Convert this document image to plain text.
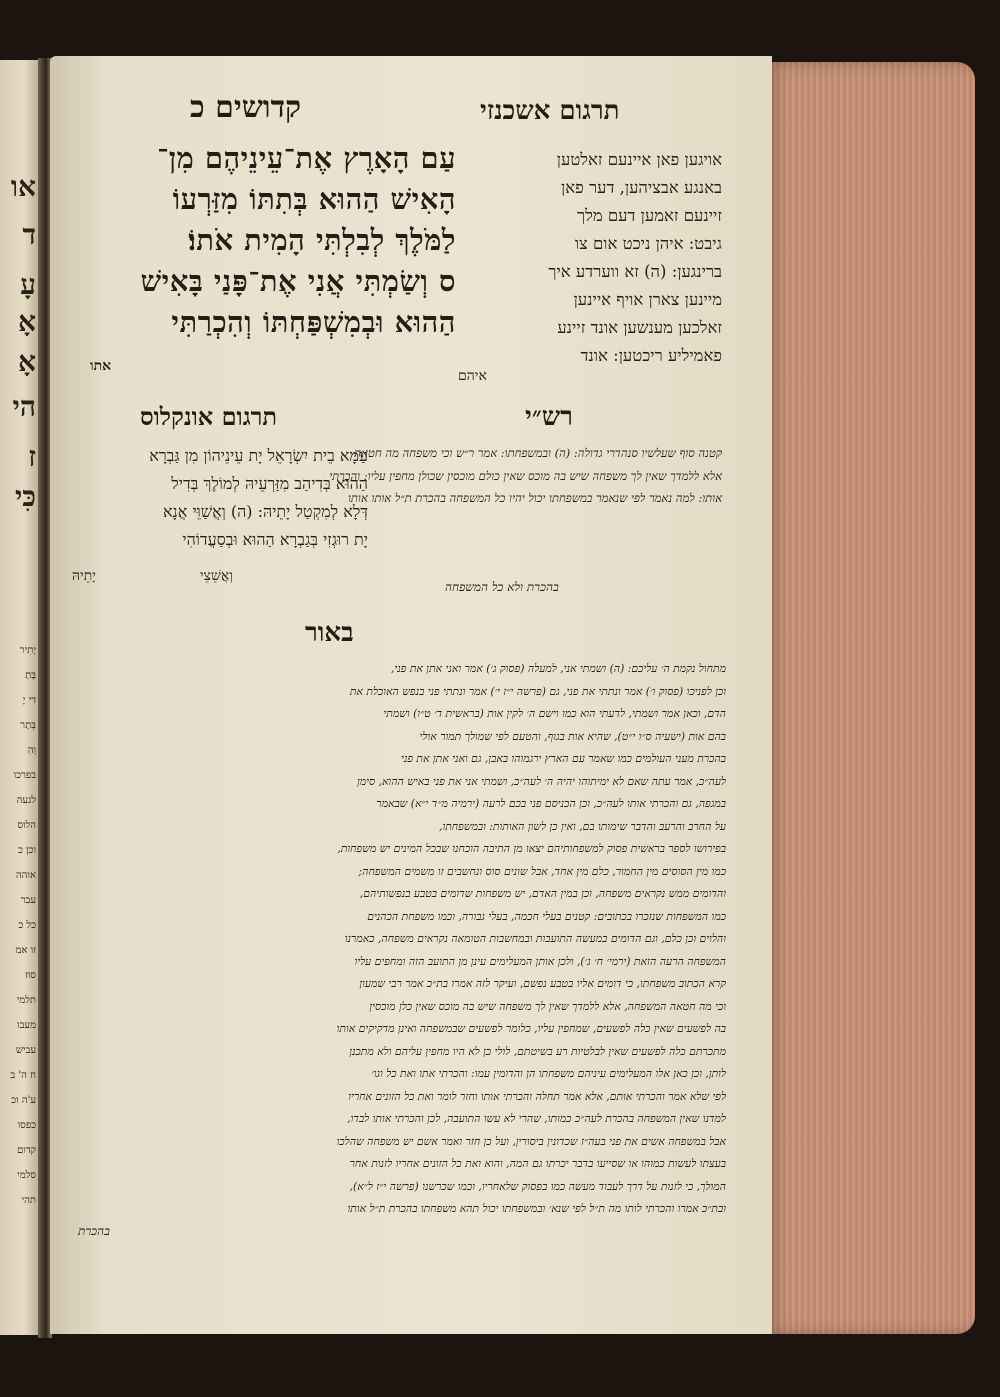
או
ד
עָ
אָ
אָ
הי
ז
כִּי
יָתִיר
בָּתַ
די יָ
בְּתַר
וְהִ
בפרכו
לגעה
הלוס
וכן כ
אוהה
עבר
כל כ
זו אמ
סוז
תלמי
מעבו
עביש
ח ה' ב
ע'ה וכ
כפסו
קדום
סלמי
תהי
תרגום אשכנזי
קדושים כ
עַם הָאָרֶץ אֶת־עֵינֵיהֶם מִן־
הָאִישׁ הַהוּא בְּתִתּוֹ מִזַּרְעוֹ
לַמֹּלֶךְ לְבִלְתִּי הָמִית אֹתוֹ׃
ס וְשַׂמְתִּי אֲנִי אֶת־פָּנַי בָּאִישׁ
הַהוּא וּבְמִשְׁפַּחְתּוֹ וְהִכְרַתִּי
אתו
אויגען פאן איינעם זאלטען
באנגע אבציהען, דער פאן
זיינעם זאמען דעם מלך
גיבט: איהן ניכט אום צו
ברינגען: (ה) זא ווערדע איך
מיינען צארן אויף איינען
זאלכען מענשען אונד זיינע
פאמיליע ריכטען: אונד
איהם
רש״י
קטנה סוף שעלשיו סנהדרי גדולה: (ה) ובמשפחתו: אמר ר״ש וכי משפחה מה חטאה
אלא ללמדך שאין לך משפחה שיש בה מוכס שאין כולם מוכסין שכולן מחפין עליו: והכרתי
אותו: למה נאמר לפי שנאמר במשפחתו יכול יהיו כל המשפחה בהכרת ת״ל אותו אותו
בהכרת ולא כל המשפחה
תרגום אונקלוס
עַמָּא בֵית יִשְׂרָאֵל יָת עֵינֵיהוֹן מִן גַּבְרָא
הַהוּא בְּדִיהַב מִזַּרְעֵיהּ לְמוֹלֶךְ בְּדִיל
דְּלָא לְמִקְטַל יָתֵיהּ: (ה) וְאֲשַׁוֵּי אֲנָא
יָת רוּגְזִי בְּגַבְרָא הַהוּא וּבְסַעֲדוֹהִי
יָתֵיהּ	וְאֲשֵׁצֵי
באור
מתחול נקמת ה׳ עליכם: (ה) ושמתי אני, למעלה (פסוק ג׳) אמר ואני אתן את פני,
וכן לפניכו (פסוק ו׳) אמר ונתתי את פני, גם (פרשה י״ז י׳) אמר ונתתי פני בנפש האוכלת את
הדם, וכאן אמר ושמתי, לדעתי הוא כמו וישם ה׳ לקין אות (בראשית ד׳ ט״ו) ושמתי
בהם אות (ישעיה ס״ו י״ט), שהיא אות בגוף, והטעם לפי שמולך תמור אולי
בהכרת מעני העולמים כמו שאמר עם הארץ ירגמוהו באבן, גם ואני אתן את פני
לעה״כ, אמר עתה שאם לא ימיתוהו יהיה ה׳ לעה״כ, ושמתי אני את פני באיש ההוא, סימן
במגפה, גם והכרתי אותו לעה״כ, וכן הכניסם פני בכם לרעה (ירמיה מ״ד י״א) שבאמר
על החרב והרעב והדבר שימותו בם, ואין כן לשון האותות: ובמשפחתו,
בפירושו לספר בראשית פסוק למשפחותיהם יצאו מן התיבה הוכחנו שבכל המינים יש משפחות,
כמו מין הסוסים מין החמור, כלם מין אחד, אבל שונים סוס ונחשבים זו משמים המשפחה;
והדומים ממש נקראים משפחה, וכן במין האדם, יש משפחות שדומים בטבע בנפשותיהם,
כמו המשפחות שנזכרו בכתובים: קטנים בעלי חכמה, בעלי גבורה, וכמו משפחת הכהנים
והלוים וכן כלם, וגם הדומים במעשה התועבות ובמחשבות הטומאה נקראים משפחה, כאמרנו
המשפחה הרעה הזאת (ירמי׳ ח׳ ג׳), ולכן אותן המעלימים עינן מן התועב הזה ומחפים עליו
קרא הכתוב משפחתו, כי דומים אליו בטבע נפשם, ועיקר לזה אמרו בת״כ אמר רבי שמעון
וכי מה חטאה המשפחה, אלא ללמדך שאין לך משפחה שיש בה מוכס שאין כלן מוכסין
בה לפשעים שאין כלה לפשעים, שמחפין עליו, כלומר לפשעים שבמשפחה ואינן מדקיקים אותו
מתכרתם כלה לפשעים שאין לבלטיות רע בשיטתם, לולי כן לא היו מחפין עליהם ולא מתכנן
לותן, וכן כאן אלו המעלימים עיניהם משפחתו הן והדומין עמו: והכרתי אתו ואת כל וגו׳
לפי שלא אמר והכרתי אותם, אלא אמר תחלה והכרתי אותו וחזר לומר ואת כל הזונים אחריו
למדנו שאין המשפחה בהכרת לעה״כ כמותו, שהרי לא עשו התועבה, לכן והכרתי אותו לבדו,
אבל במשפחה אשים את פני בעה״ז שכדונין ביסורין, ועל כן חזר ואמר אשם יש משפחה שהלכו
בעצתו לעשות כמוהו או שסייעו בדבר יכרתו גם המה, והוא ואת כל הזונים אחריו לזנות אחר
המולך, כי לזנות על דרך לעבוד מעשה כמו בפסוק שלאחריו, וכמו שכרשנו (פרשה י״ז ל״א),
ובת״כ אמרו והכרתי לותו מה ת״ל לפי שנא׳ ובמשפחתו יכול תהא משפחתו בהכרת ת״ל אותו
בהכרת
